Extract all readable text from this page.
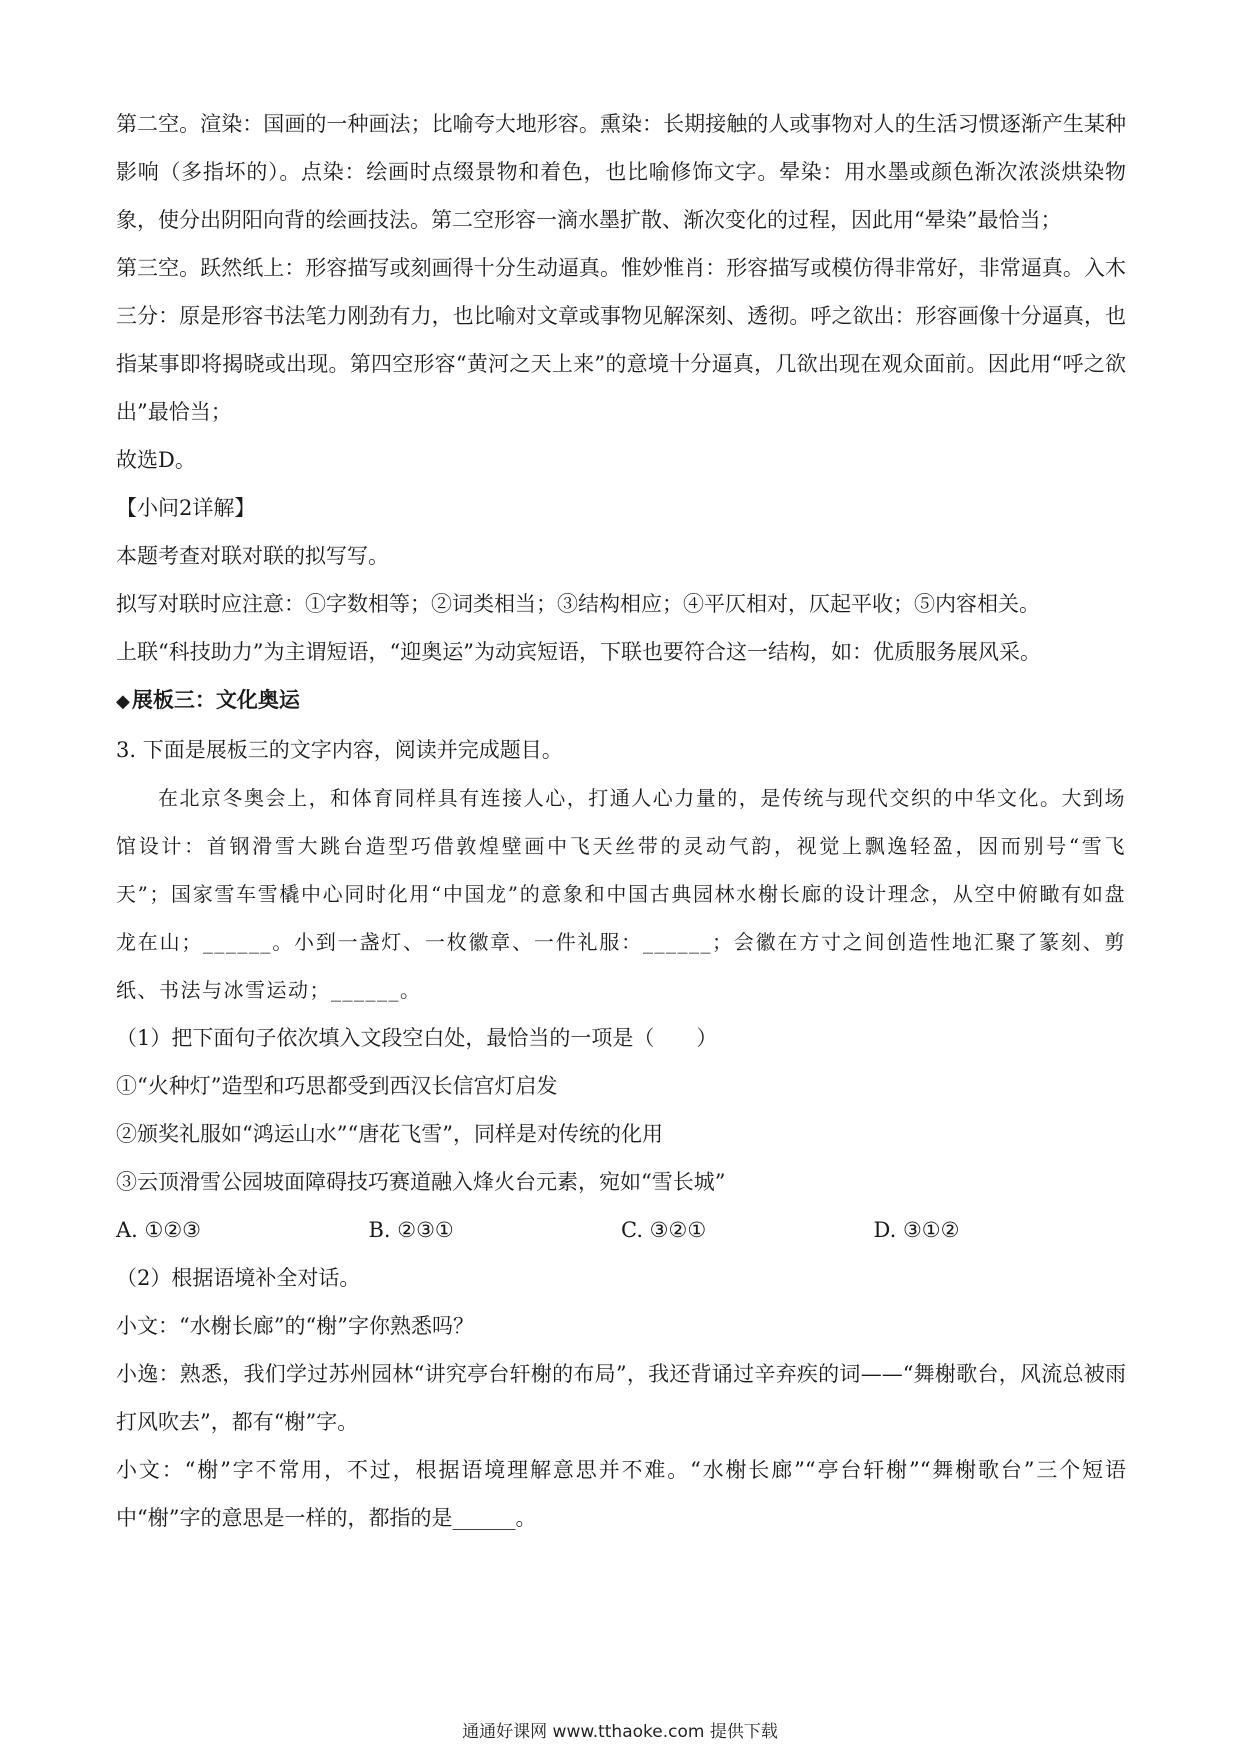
第二空。渲染：国画的一种画法；比喻夸大地形容。熏染：长期接触的人或事物对人的生活习惯逐渐产生某种影响（多指坏的）。点染：绘画时点缀景物和着色，也比喻修饰文字。晕染：用水墨或颜色渐次浓淡烘染物象，使分出阴阳向背的绘画技法。第二空形容一滴水墨扩散、渐次变化的过程，因此用“晕染”最恰当；

第三空。跃然纸上：形容描写或刻画得十分生动逼真。惟妙惟肖：形容描写或模仿得非常好，非常逼真。入木三分：原是形容书法笔力刚劲有力，也比喻对文章或事物见解深刻、透彻。呼之欲出：形容画像十分逼真，也指某事即将揭晓或出现。第四空形容“黄河之天上来”的意境十分逼真，几欲出现在观众面前。因此用“呼之欲出”最恰当；

故选D。

【小问2详解】

本题考查对联对联的拟写写。

拟写对联时应注意：①字数相等；②词类相当；③结构相应；④平仄相对，仄起平收；⑤内容相关。

上联“科技助力”为主谓短语，“迎奥运”为动宾短语，下联也要符合这一结构，如：优质服务展风采。

◆展板三：文化奥运

3. 下面是展板三的文字内容，阅读并完成题目。

在北京冬奥会上，和体育同样具有连接人心，打通人心力量的，是传统与现代交织的中华文化。大到场馆设计：首钢滑雪大跳台造型巧借敦煌壁画中飞天丝带的灵动气韵，视觉上飘逸轻盈，因而别号“雪飞天”；国家雪车雪橇中心同时化用“中国龙”的意象和中国古典园林水榭长廊的设计理念，从空中俯瞰有如盘龙在山；______。小到一盏灯、一枚徽章、一件礼服：______；会徽在方寸之间创造性地汇聚了篆刻、剪纸、书法与冰雪运动；______。

（1）把下面句子依次填入文段空白处，最恰当的一项是（　　）

①“火种灯”造型和巧思都受到西汉长信宫灯启发

②颁奖礼服如“鸿运山水”“唐花飞雪”，同样是对传统的化用

③云顶滑雪公园坡面障碍技巧赛道融入烽火台元素，宛如“雪长城”

A. ①②③	B. ②③①	C. ③②①	D. ③①②

（2）根据语境补全对话。

小文：“水榭长廊”的“榭”字你熟悉吗？

小逸：熟悉，我们学过苏州园林“讲究亭台轩榭的布局”，我还背诵过辛弃疾的词——“舞榭歌台，风流总被雨打风吹去”，都有“榭”字。

小文：“榭”字不常用，不过，根据语境理解意思并不难。“水榭长廊”“亭台轩榭”“舞榭歌台”三个短语中“榭”字的意思是一样的，都指的是______。

通通好课网 www.tthaoke.com 提供下载
